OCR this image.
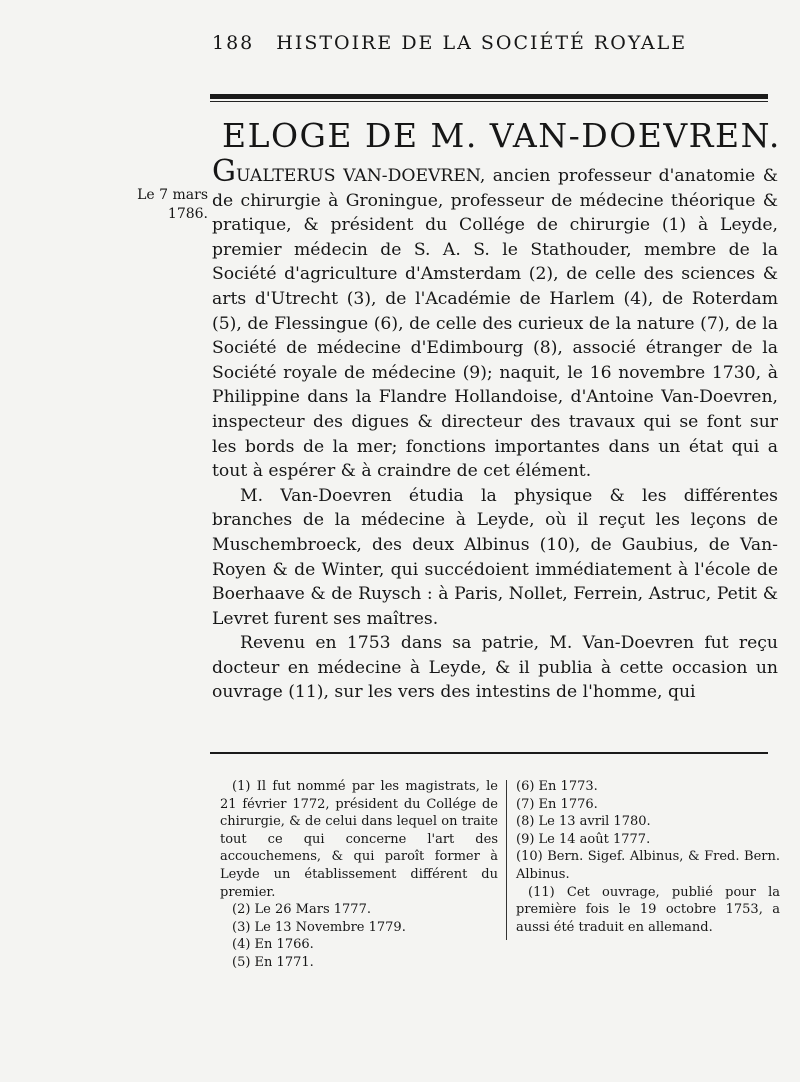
188 HISTOIRE DE LA SOCIÉTÉ ROYALE
ELOGE DE M. VAN-DOEVREN.
Le 7 mars 1786.

GUALTERUS VAN-DOEVREN, ancien professeur d'anatomie & de chirurgie à Groningue, professeur de médecine théorique & pratique, & président du Collége de chirurgie (1) à Leyde, premier médecin de S. A. S. le Stathouder, membre de la Société d'agriculture d'Amsterdam (2), de celle des sciences & arts d'Utrecht (3), de l'Académie de Harlem (4), de Roterdam (5), de Flessingue (6), de celle des curieux de la nature (7), de la Société de médecine d'Edimbourg (8), associé étranger de la Société royale de médecine (9); naquit, le 16 novembre 1730, à Philippine dans la Flandre Hollandoise, d'Antoine Van-Doevren, inspecteur des digues & directeur des travaux qui se font sur les bords de la mer; fonctions importantes dans un état qui a tout à espérer & à craindre de cet élément.

M. Van-Doevren étudia la physique & les différentes branches de la médecine à Leyde, où il reçut les leçons de Muschembroeck, des deux Albinus (10), de Gaubius, de Van-Royen & de Winter, qui succédoient immédiatement à l'école de Boerhaave & de Ruysch : à Paris, Nollet, Ferrein, Astruc, Petit & Levret furent ses maîtres.

Revenu en 1753 dans sa patrie, M. Van-Doevren fut reçu docteur en médecine à Leyde, & il publia à cette occasion un ouvrage (11), sur les vers des intestins de l'homme, qui

(1) Il fut nommé par les magistrats, le 21 février 1772, président du Collége de chirurgie, & de celui dans lequel on traite tout ce qui concerne l'art des accouchemens, & qui paroît former à Leyde un établissement différent du premier.

(2) Le 26 Mars 1777.

(3) Le 13 Novembre 1779.

(4) En 1766.

(5) En 1771.

(6) En 1773.

(7) En 1776.

(8) Le 13 avril 1780.

(9) Le 14 août 1777.

(10) Bern. Sigef. Albinus, & Fred. Bern. Albinus.

(11) Cet ouvrage, publié pour la première fois le 19 octobre 1753, a aussi été traduit en allemand.
